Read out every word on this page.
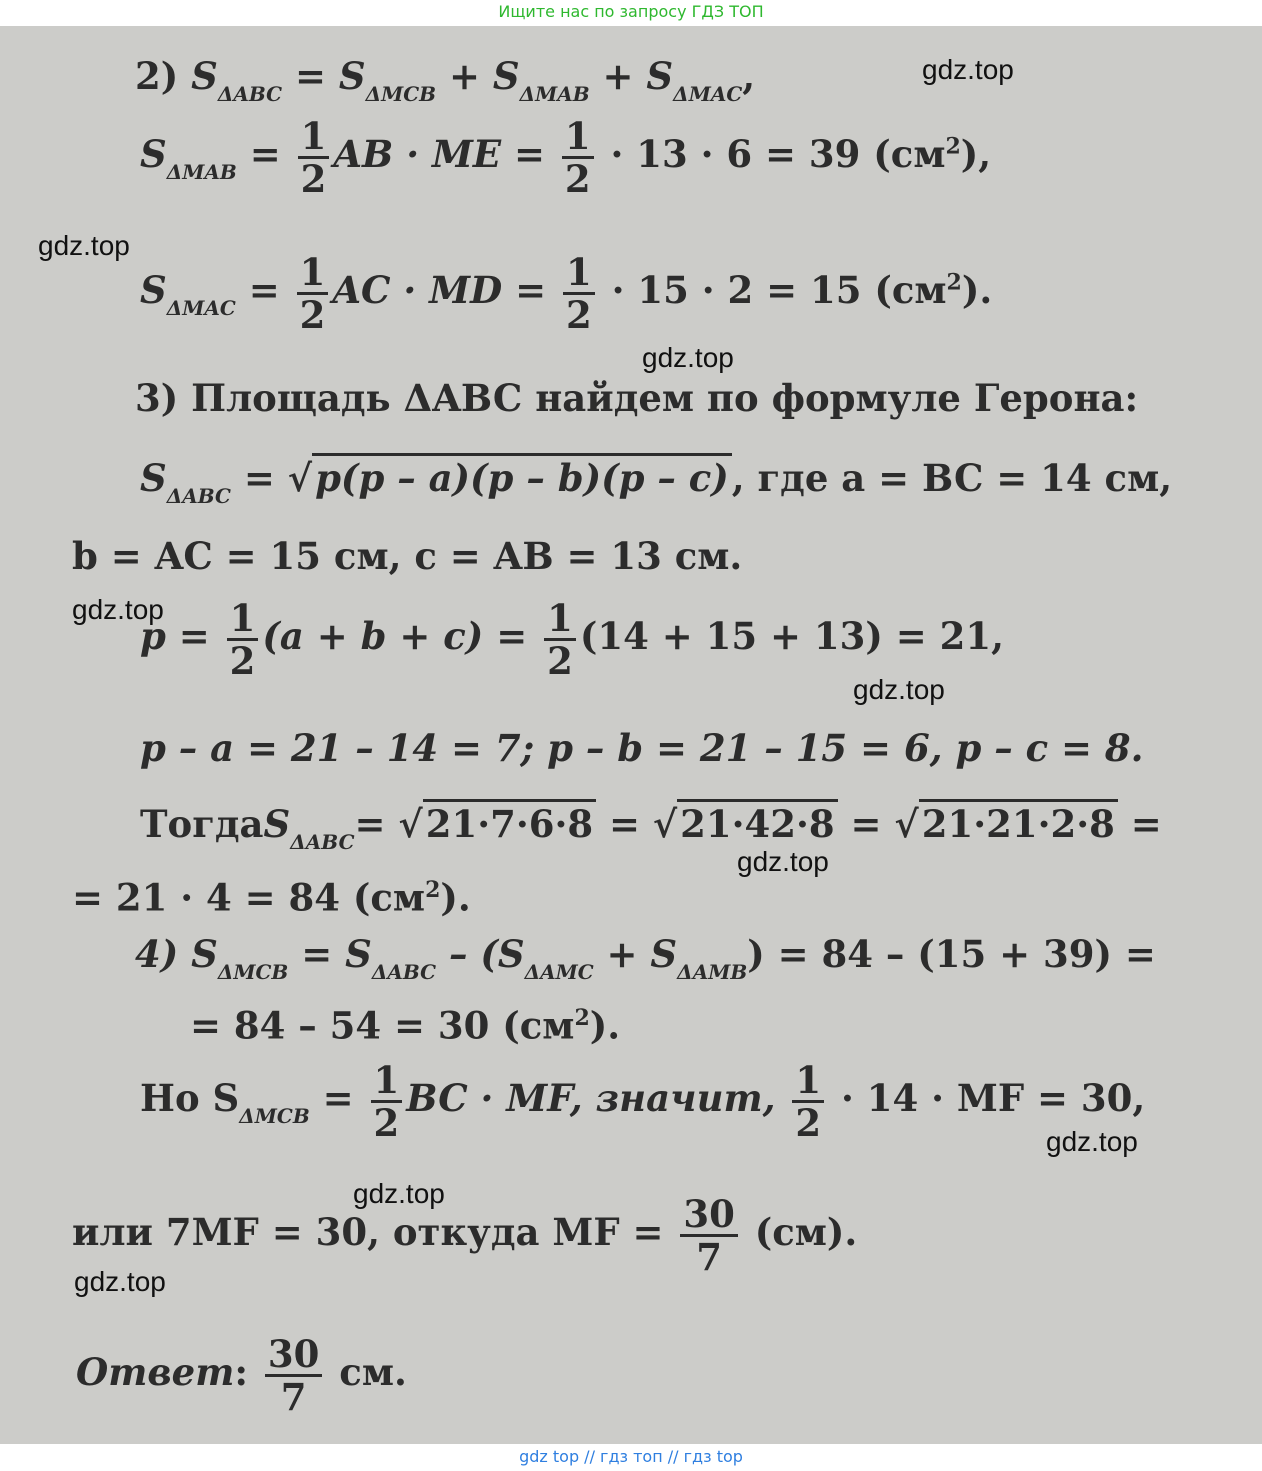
Ищите нас по запросу ГДЗ ТОП
2) $S_{\Delta ABC} = S_{\Delta MCB} + S_{\Delta MAB} + S_{\Delta MAC}$,
$S_{\Delta MAB} = \frac{1}{2}$ AB · ME = $\frac{1}{2} \cdot 13 \cdot 6 = 39$ $(см^2)$,
$S_{\Delta MAC} = \frac{1}{2}$ AC · MD = $\frac{1}{2} \cdot 15 \cdot 2 = 15$ $(см^2)$.
3) Площадь ΔABC найдем по формуле Герона:
$S_{\Delta ABC} = √p(p - a)(p - b)(p - c)$, где a = BC = 14 см,
b = AC = 15 см, c = AB = 13 см.
$p = \frac{1}{2} (a + b + c) = \frac{1}{2} (14 + 15 + 13) = 21$,
p – a = 21 – 14 = 7; p – b = 21 – 15 = 6, p – c = 8.
ТогдаS$_{\Delta ABC}$= √21·7·6·8 = √21·42·8 = √21·21·2·8 =
= 21 · 4 = 84 $(см^2)$.
4) $S_{\Delta MCB} = S_{\Delta ABC} - (S_{\Delta AMC} + S_{\Delta AMB}) = 84 - (15 + 39)$ =
= 84 – 54 = 30 $(см^2)$.
Но $S_{\Delta MCB} = \frac{1}{2}$ BC · MF, значит, $\frac{1}{2} \cdot 14$ · MF = 30,
или 7MF = 30, откуда MF = $\frac{30}{7} (см)$.
Ответ: $\frac{30}{7}$ см.
gdz.top
gdz.top
gdz.top
gdz.top
gdz.top
gdz.top
gdz.top
gdz.top
gdz.top
gdz top // гдз топ // гдз top
